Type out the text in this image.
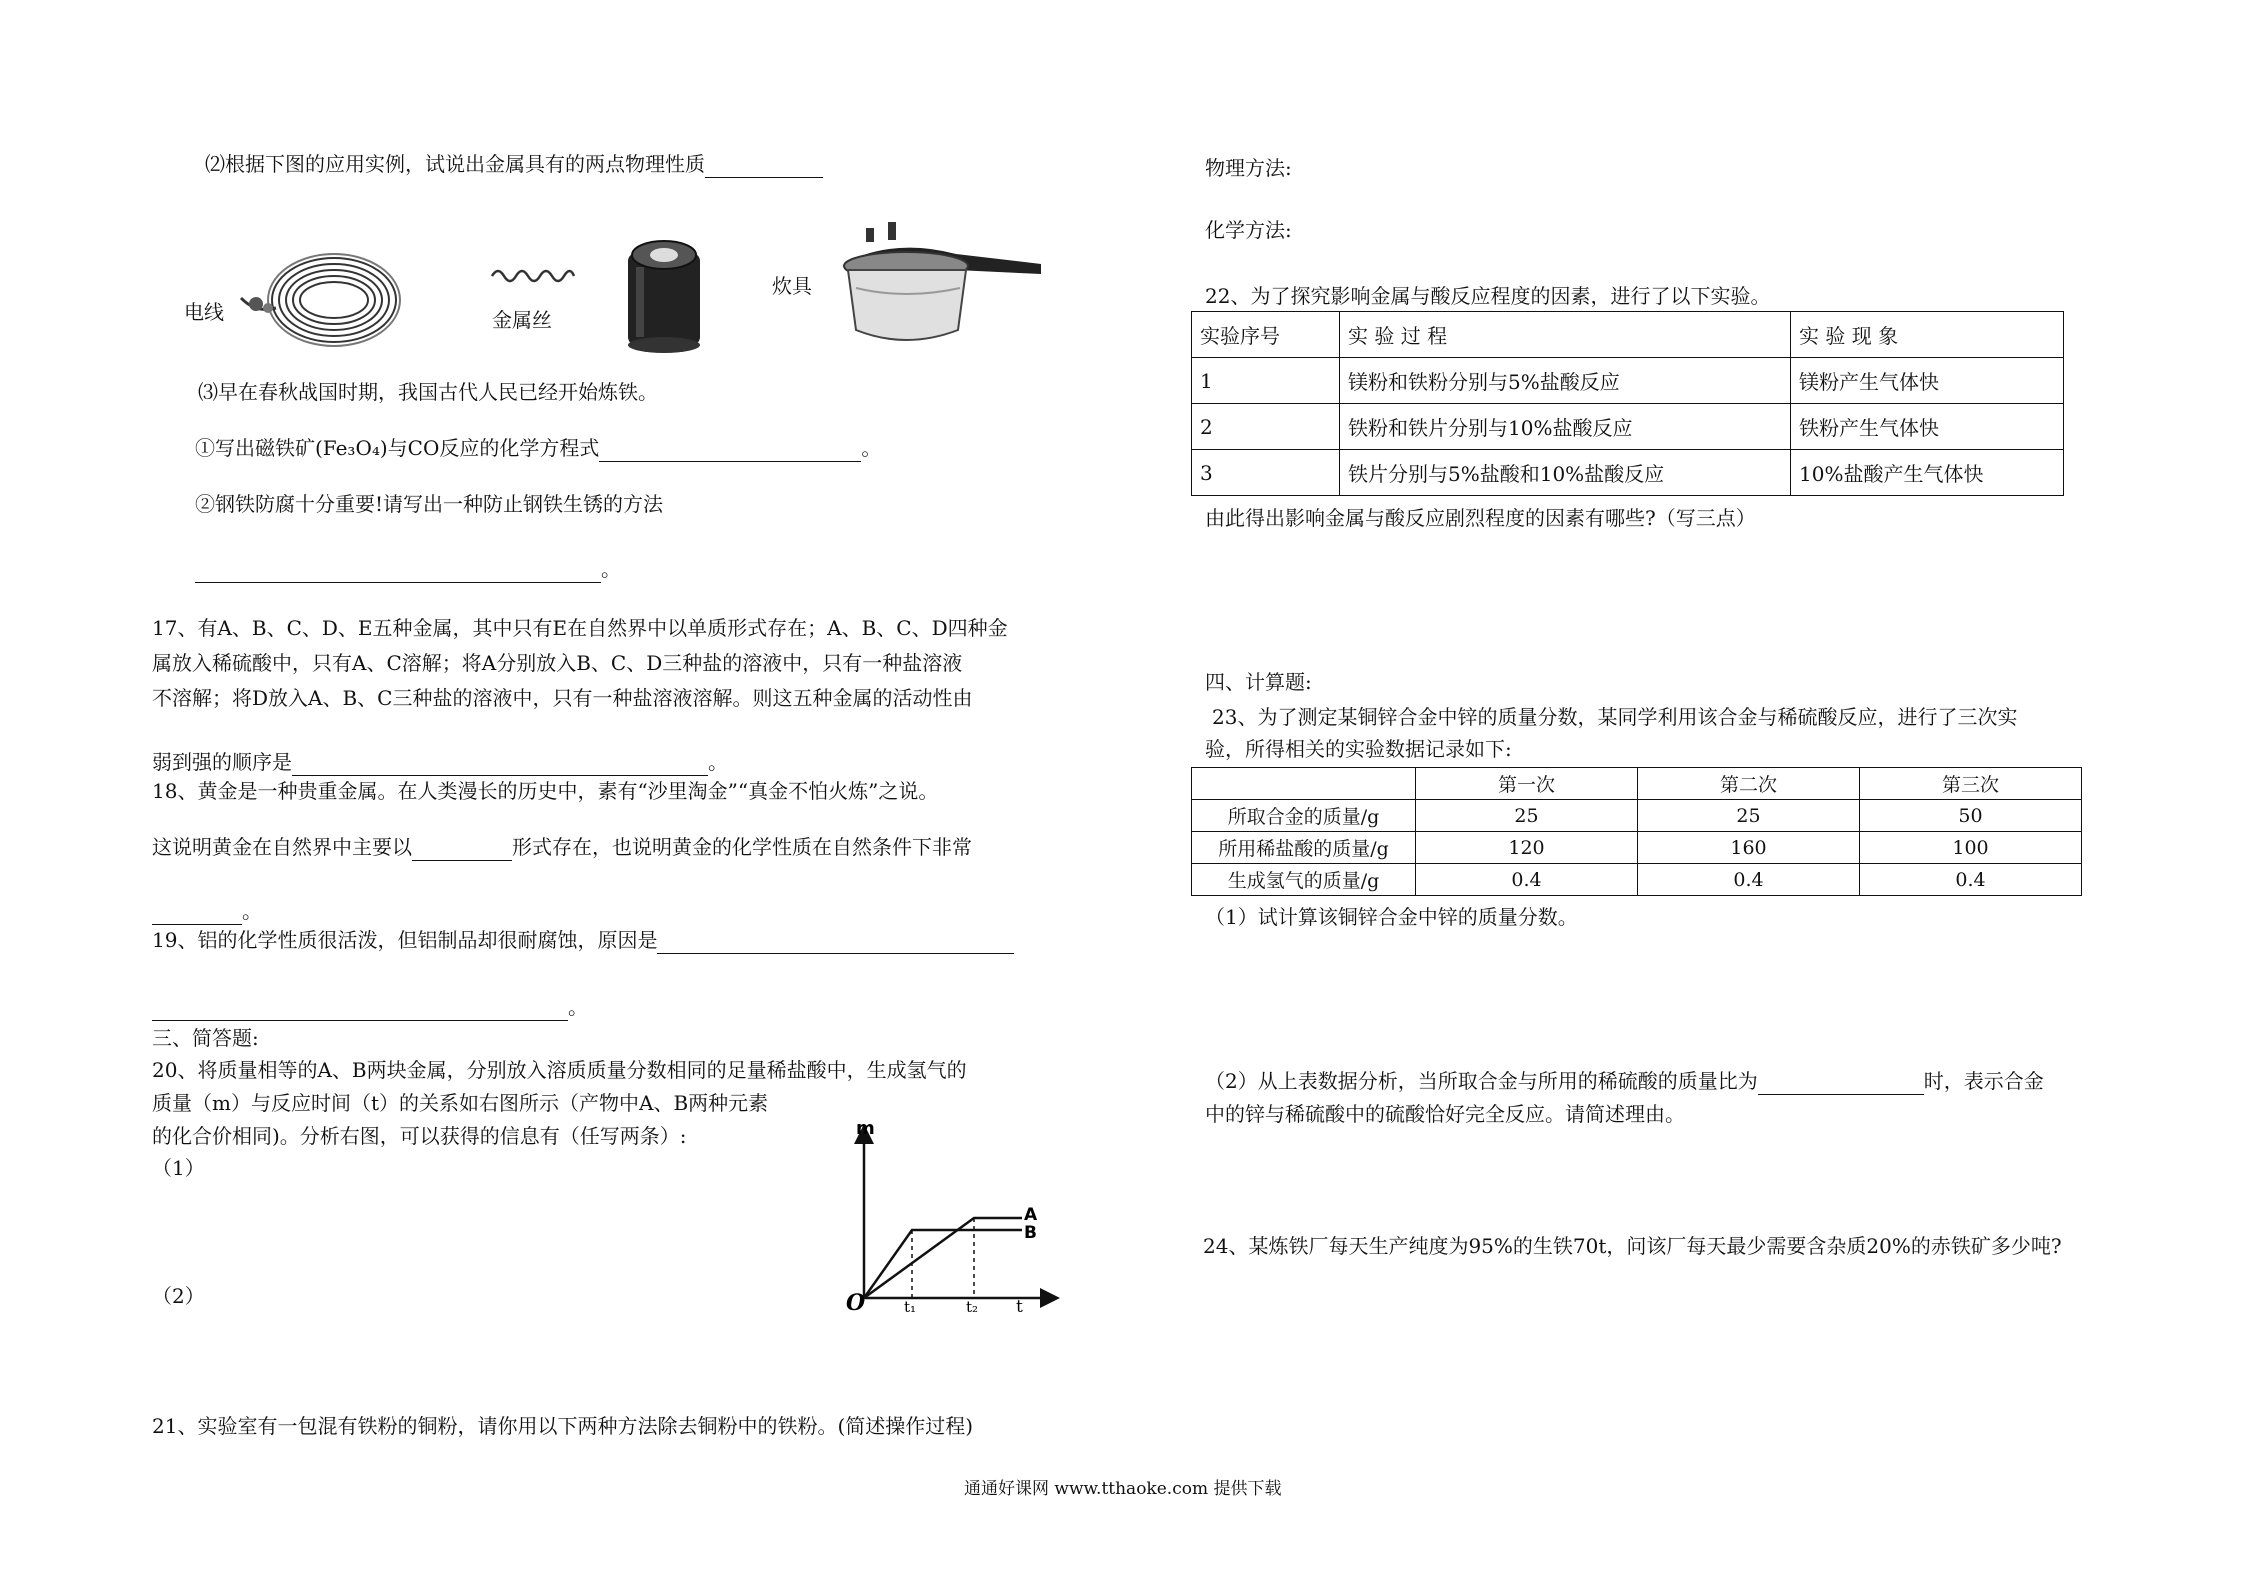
⑵根据下图的应用实例，试说出金属具有的两点物理性质
电线	金属丝
炊具
⑶早在春秋战国时期，我国古代人民已经开始炼铁。
①写出磁铁矿(Fe₃O₄)与CO反应的化学方程式	。
②钢铁防腐十分重要!请写出一种防止钢铁生锈的方法
。
17、有A、B、C、D、E五种金属，其中只有E在自然界中以单质形式存在；A、B、C、D四种金
属放入稀硫酸中，只有A、C溶解；将A分别放入B、C、D三种盐的溶液中，只有一种盐溶液
不溶解；将D放入A、B、C三种盐的溶液中，只有一种盐溶液溶解。则这五种金属的活动性由
弱到强的顺序是	。
18、黄金是一种贵重金属。在人类漫长的历史中，素有“沙里淘金”“真金不怕火炼”之说。
这说明黄金在自然界中主要以	形式存在，也说明黄金的化学性质在自然条件下非常
。
19、铝的化学性质很活泼，但铝制品却很耐腐蚀，原因是
。
三、简答题:
20、将质量相等的A、B两块金属，分别放入溶质质量分数相同的足量稀盐酸中，生成氢气的
质量（m）与反应时间（t）的关系如右图所示（产物中A、B两种元素
的化合价相同)。分析右图，可以获得的信息有（任写两条）:
（1）
（2）
m
O	t₁	t₂ t
A
B
21、实验室有一包混有铁粉的铜粉，请你用以下两种方法除去铜粉中的铁粉。(简述操作过程)
物理方法:
化学方法:
22、为了探究影响金属与酸反应程度的因素，进行了以下实验。
实验序号	实 验 过 程	实 验 现 象
1	镁粉和铁粉分别与5%盐酸反应	镁粉产生气体快
2	铁粉和铁片分别与10%盐酸反应	铁粉产生气体快
3	铁片分别与5%盐酸和10%盐酸反应	10%盐酸产生气体快
由此得出影响金属与酸反应剧烈程度的因素有哪些?（写三点）
四、计算题:
23、为了测定某铜锌合金中锌的质量分数，某同学利用该合金与稀硫酸反应，进行了三次实
验，所得相关的实验数据记录如下:
	第一次	第二次	第三次
所取合金的质量/g	25	25	50
所用稀盐酸的质量/g	120	160	100
生成氢气的质量/g	0.4	0.4	0.4
（1）试计算该铜锌合金中锌的质量分数。
（2）从上表数据分析，当所取合金与所用的稀硫酸的质量比为	时，表示合金
中的锌与稀硫酸中的硫酸恰好完全反应。请简述理由。
24、某炼铁厂每天生产纯度为95%的生铁70t，问该厂每天最少需要含杂质20%的赤铁矿多少吨?
通通好课网 www.tthaoke.com 提供下载
